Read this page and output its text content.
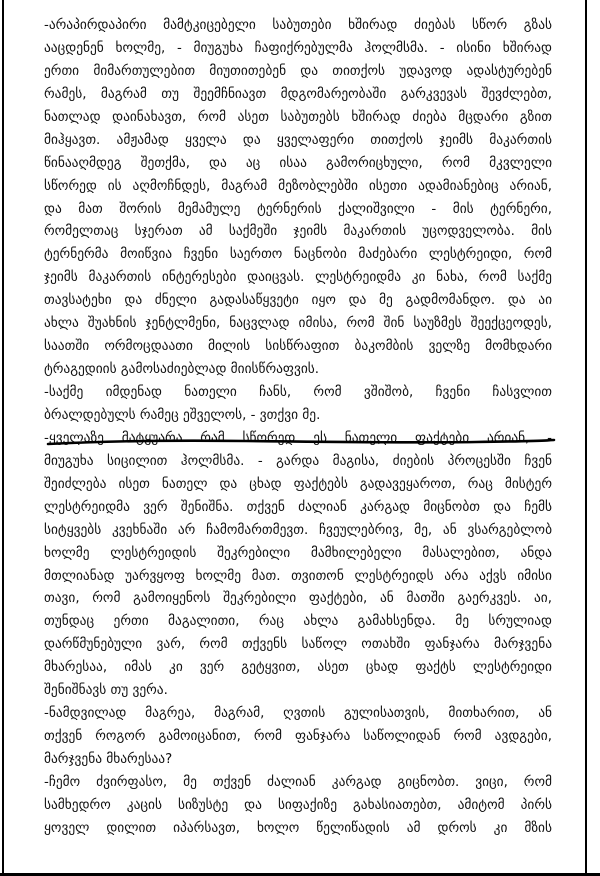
-არაპირდაპირი მამტკიცებელი საბუთები ხშირად ძიებას სწორ გზას
ააცდენენ ხოლმე, - მიუგუხა ჩაფიქრებულმა ჰოლმსმა. - ისინი ხშირად
ერთი მიმართულებით მიუთითებენ და თითქოს უდავოდ ადასტურებენ
რამეს, მაგრამ თუ შეემჩნიავთ მდგომარეობაში გარკვევას შევძლებთ,
ნათლად დაინახავთ, რომ ასეთ საბუთებს ხშირად ძიება მცდარი გზით
მიჰყავთ. ამჟამად ყველა და ყველაფერი თითქოს ჯეიმს მაკართის
წინააღმდეგ შეთქმა, და აც ისაა გამორიცხული, რომ მკვლელი
სწორედ ის აღმოჩნდეს, მაგრამ მეზობლებში ისეთი ადამიანებიც არიან,
და მათ შორის მემამულე ტერნერის ქალიშვილი - მის ტერნერი,
რომელთაც სჯერათ ამ საქმეში ჯეიმს მაკართის უცოდველობა. მის
ტერნერმა მოიწვია ჩვენი საერთო ნაცნობი მაძებარი ლესტრეიდი, რომ
ჯეიმს მაკართის ინტერესები დაიცვას. ლესტრეიდმა კი ნახა, რომ საქმე
თავსატეხი და ძნელი გადასაწყვეტი იყო და მე გადმომანდო. და აი
ახლა შუახნის ჯენტლმენი, ნაცვლად იმისა, რომ შინ საუზმეს შეექცეოდეს,
საათში ორმოცდაათი მილის სისწრაფით ბაკომბის ველზე მომხდარი
ტრაგედიის გამოსაძიებლად მიისწრაფვის.
-საქმე იმდენად ნათელი ჩანს, რომ ვშიშობ, ჩვენი ჩასვლით
ბრალდებულს რამეც ეშველოს, - ვთქვი მე.
-ყველაზე მატყუარა რამ სწორედ ეს ნათელი ფაქტები არიან, -
მიუგუხა სიცილით ჰოლმსმა. - გარდა მაგისა, ძიების პროცესში ჩვენ
შეიძლება ისეთ ნათელ და ცხად ფაქტებს გადავეყაროთ, რაც მისტერ
ლესტრეიდმა ვერ შენიშნა. თქვენ ძალიან კარგად მიცნობთ და ჩემს
სიტყვებს კვეხნაში არ ჩამომართმევთ. ჩვეულებრივ, მე, ან ვსარგებლობ
ხოლმე ლესტრეიდის შეკრებილი მამხილებელი მასალებით, ანდა
მთლიანად უარვყოფ ხოლმე მათ. თვითონ ლესტრეიდს არა აქვს იმისი
თავი, რომ გამოიყენოს შეკრებილი ფაქტები, ან მათში გაერკვეს. აი,
თუნდაც ერთი მაგალითი, რაც ახლა გამახსენდა. მე სრულიად
დარწმუნებული ვარ, რომ თქვენს საწოლ ოთახში ფანჯარა მარჯვენა
მხარესაა, იმას კი ვერ გეტყვით, ასეთ ცხად ფაქტს ლესტრეიდი
შენიშნავს თუ ვერა.
-ნამდვილად მაგრეა, მაგრამ, ღვთის გულისათვის, მითხარით, ან
თქვენ როგორ გამოიცანით, რომ ფანჯარა საწოლიდან რომ ავდგები,
მარჯვენა მხარესაა?
-ჩემო ძვირფასო, მე თქვენ ძალიან კარგად გიცნობთ. ვიცი, რომ
სამხედრო კაცის სიზუსტე და სიფაქიზე გახასიათებთ, ამიტომ პირს
ყოველ დილით იპარსავთ, ხოლო წელიწადის ამ დროს კი მზის
